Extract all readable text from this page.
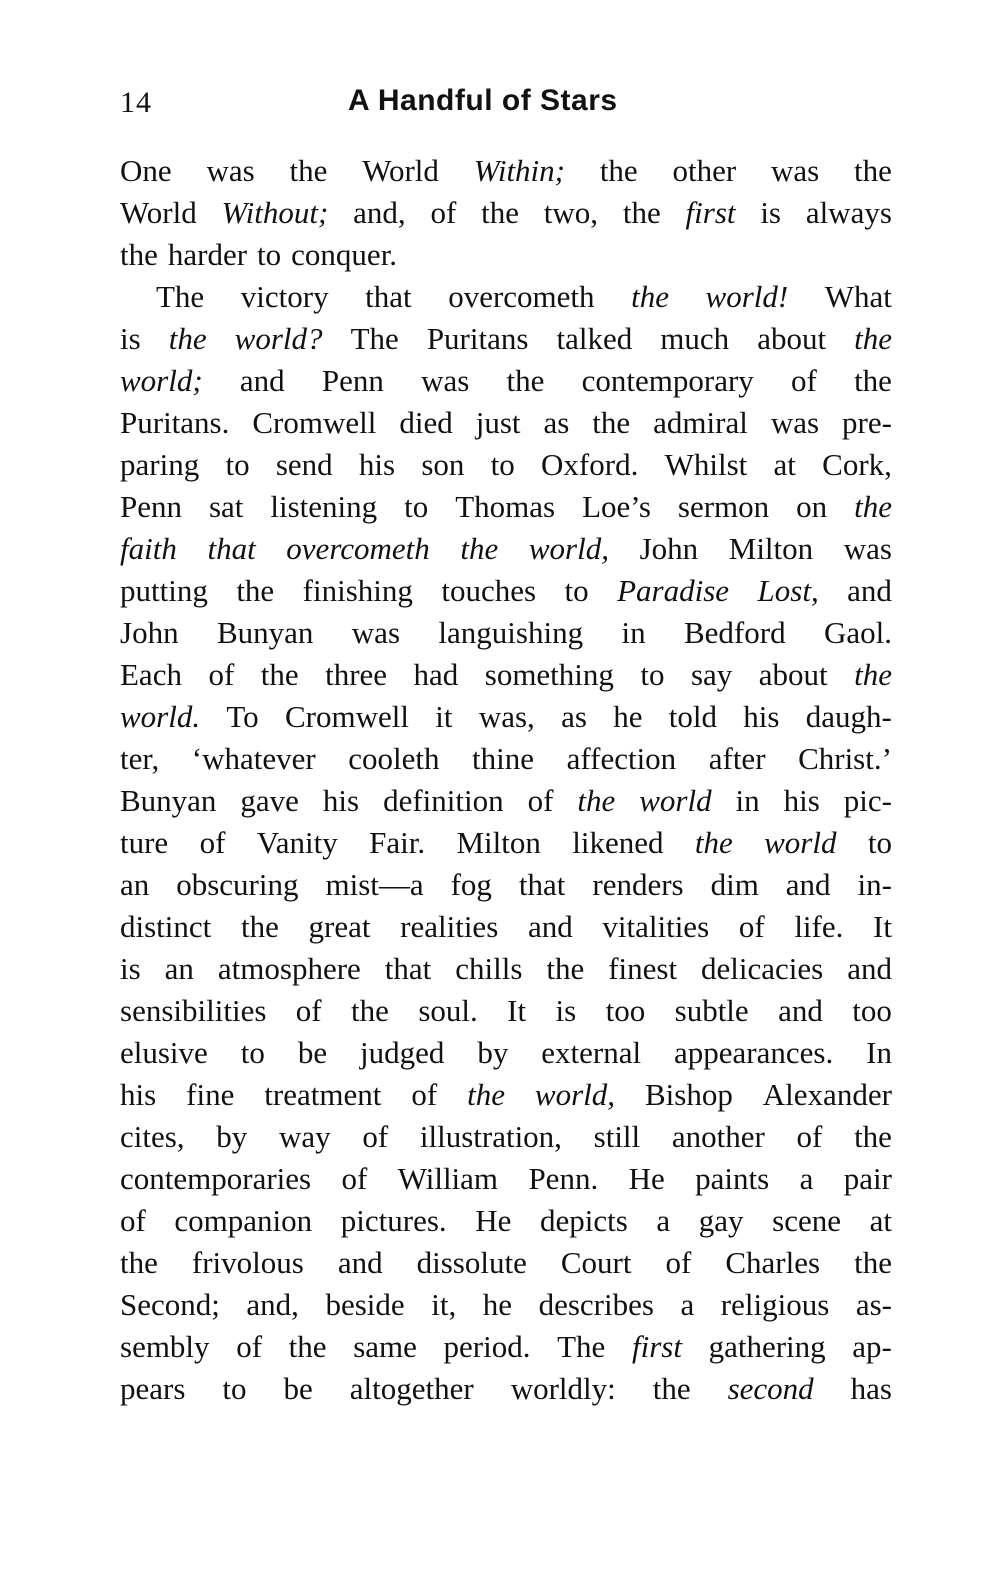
14	A Handful of Stars
One was the World Within; the other was the
World Without; and, of the two, the first is always
the harder to conquer.
The victory that overcometh the world! What
is the world? The Puritans talked much about the
world; and Penn was the contemporary of the
Puritans. Cromwell died just as the admiral was pre-
paring to send his son to Oxford. Whilst at Cork,
Penn sat listening to Thomas Loe’s sermon on the
faith that overcometh the world, John Milton was
putting the finishing touches to Paradise Lost, and
John Bunyan was languishing in Bedford Gaol.
Each of the three had something to say about the
world. To Cromwell it was, as he told his daugh-
ter, ‘whatever cooleth thine affection after Christ.’
Bunyan gave his definition of the world in his pic-
ture of Vanity Fair. Milton likened the world to
an obscuring mist—a fog that renders dim and in-
distinct the great realities and vitalities of life. It
is an atmosphere that chills the finest delicacies and
sensibilities of the soul. It is too subtle and too
elusive to be judged by external appearances. In
his fine treatment of the world, Bishop Alexander
cites, by way of illustration, still another of the
contemporaries of William Penn. He paints a pair
of companion pictures. He depicts a gay scene at
the frivolous and dissolute Court of Charles the
Second; and, beside it, he describes a religious as-
sembly of the same period. The first gathering ap-
pears to be altogether worldly: the second has
